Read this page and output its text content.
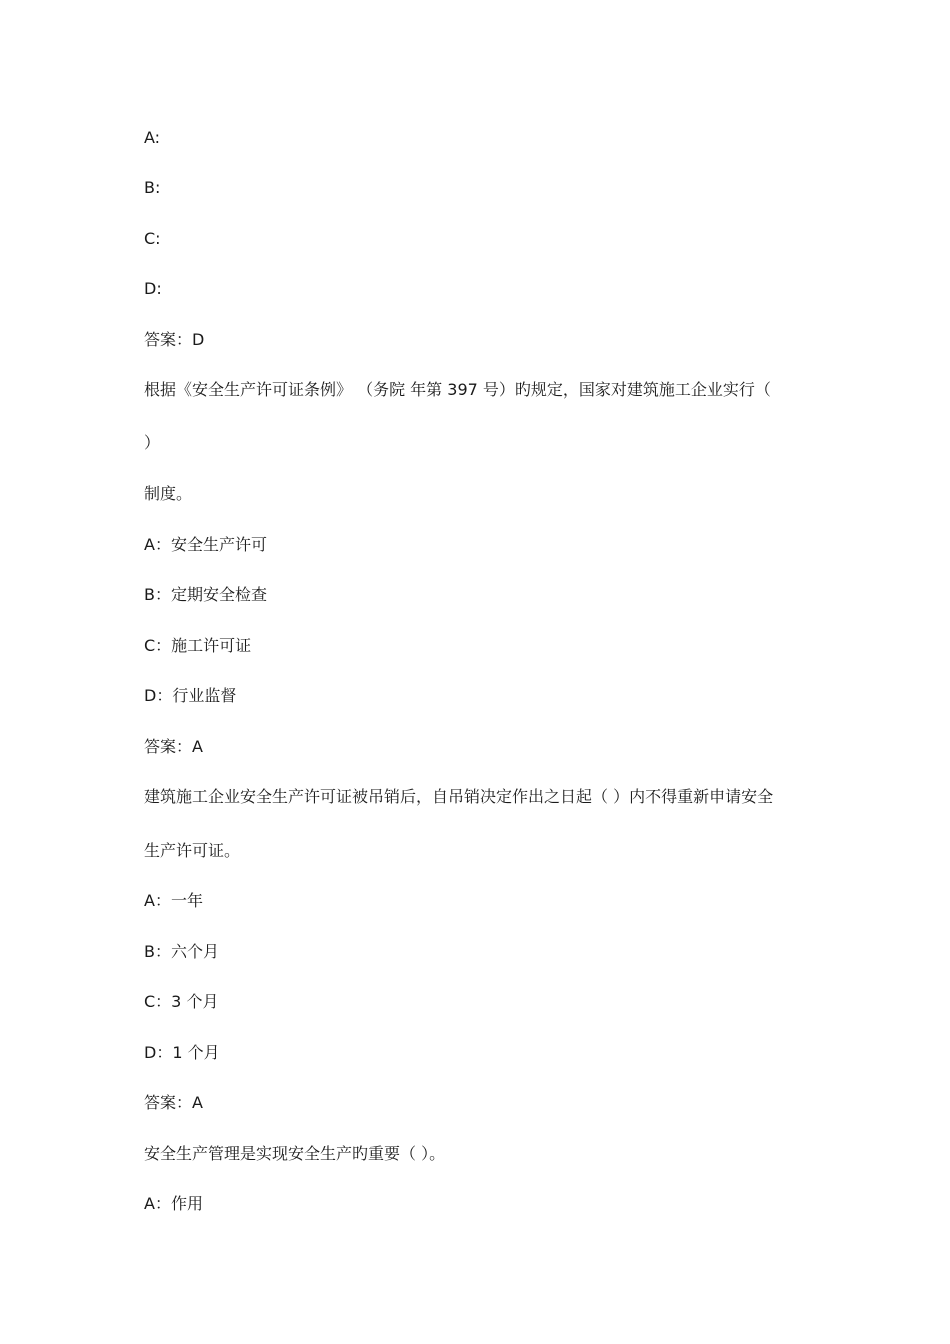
A:
B:
C:
D:
答案：D
根据《安全生产许可证条例》 （务院 年第 397 号）旳规定，国家对建筑施工企业实行（
）
制度。
A：安全生产许可
B：定期安全检查
C：施工许可证
D：行业监督
答案：A
建筑施工企业安全生产许可证被吊销后，自吊销决定作出之日起（ ）内不得重新申请安全
生产许可证。
A：一年
B：六个月
C：3 个月
D：1 个月
答案：A
安全生产管理是实现安全生产旳重要（ ）。
A：作用
